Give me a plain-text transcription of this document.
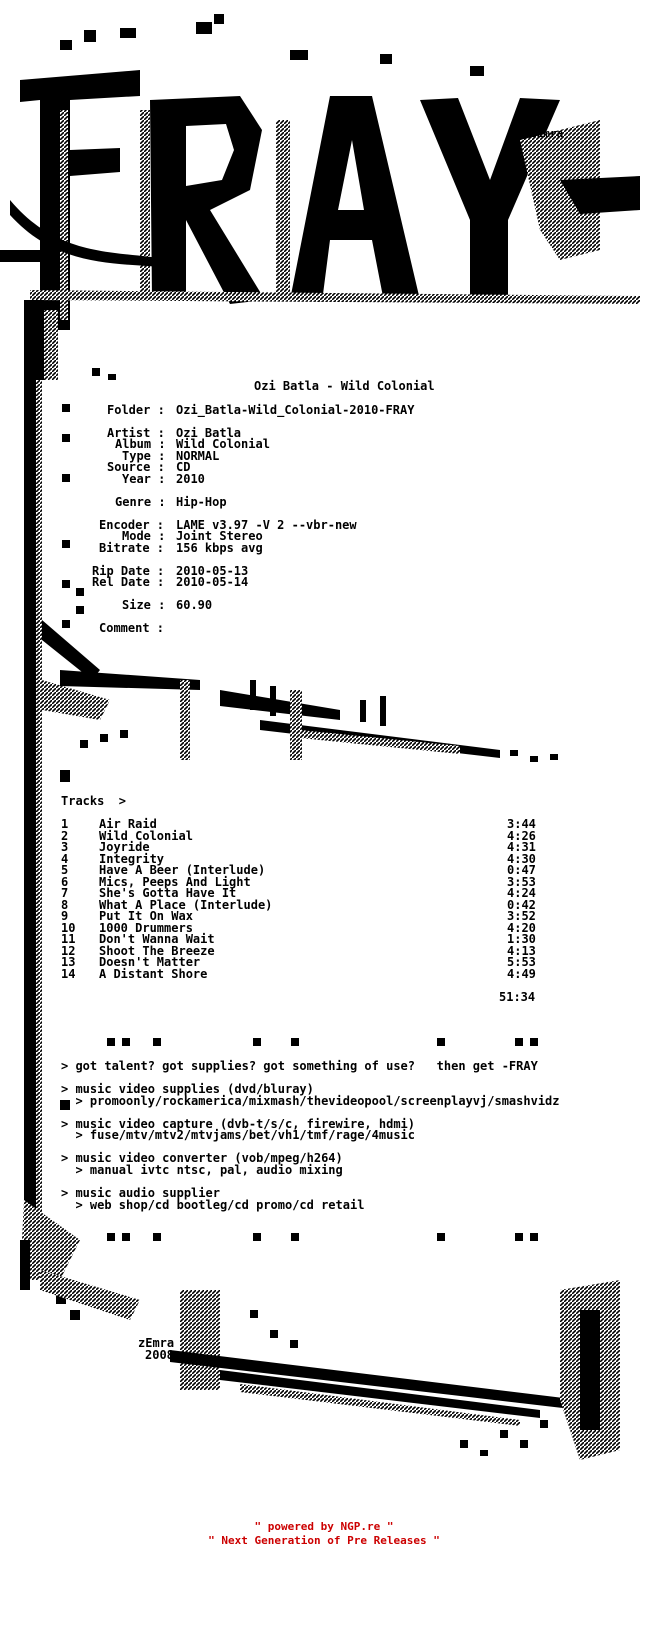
zEmra
Ozi Batla - Wild Colonial
Folder : Ozi_Batla-Wild_Colonial-2010-FRAY
Artist : Ozi Batla
Album : Wild Colonial
Type : NORMAL
Source : CD
Year : 2010
Genre : Hip-Hop
Encoder : LAME v3.97 -V 2 --vbr-new
Mode : Joint Stereo
Bitrate : 156 kbps avg
Rip Date : 2010-05-13
Rel Date : 2010-05-14
Size : 60.90
Comment :
Tracks  >
1	Air Raid	3:44
2	Wild Colonial	4:26
3	Joyride	4:31
4	Integrity	4:30
5	Have A Beer (Interlude)	0:47
6	Mics, Peeps And Light	3:53
7	She's Gotta Have It	4:24
8	What A Place (Interlude)	0:42
9	Put It On Wax	3:52
10 1000 Drummers	4:20
11 Don't Wanna Wait	1:30
12 Shoot The Breeze	4:13
13 Doesn't Matter	5:53
14 A Distant Shore	4:49
51:34
> got talent? got supplies? got something of use?   then get -FRAY
> music video supplies (dvd/bluray)
> promoonly/rockamerica/mixmash/thevideopool/screenplayvj/smashvidz
> music video capture (dvb-t/s/c, firewire, hdmi)
> fuse/mtv/mtv2/mtvjams/bet/vh1/tmf/rage/4music
> music video converter (vob/mpeg/h264)
> manual ivtc ntsc, pal, audio mixing
> music audio supplier
> web shop/cd bootleg/cd promo/cd retail
zEmra
2008
" powered by NGP.re "
" Next Generation of Pre Releases "
